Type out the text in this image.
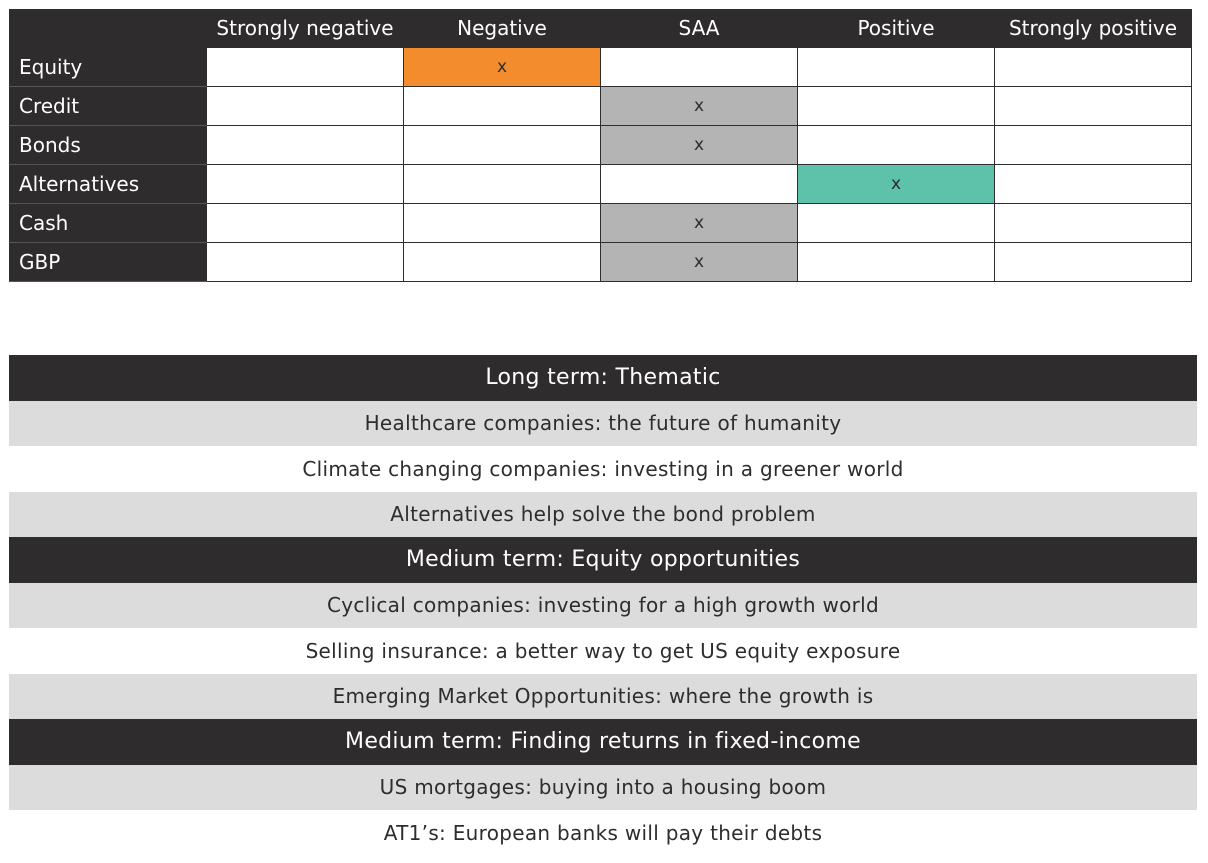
	Strongly negative	Negative	SAA	Positive	Strongly positive
Equity		x			
Credit			x		
Bonds			x		
Alternatives				x	
Cash			x		
GBP			x		
Long term: Thematic
Healthcare companies: the future of humanity
Climate changing companies: investing in a greener world
Alternatives help solve the bond problem
Medium term: Equity opportunities
Cyclical companies: investing for a high growth world
Selling insurance: a better way to get US equity exposure
Emerging Market Opportunities: where the growth is
Medium term: Finding returns in fixed-income
US mortgages: buying into a housing boom
AT1’s: European banks will pay their debts
